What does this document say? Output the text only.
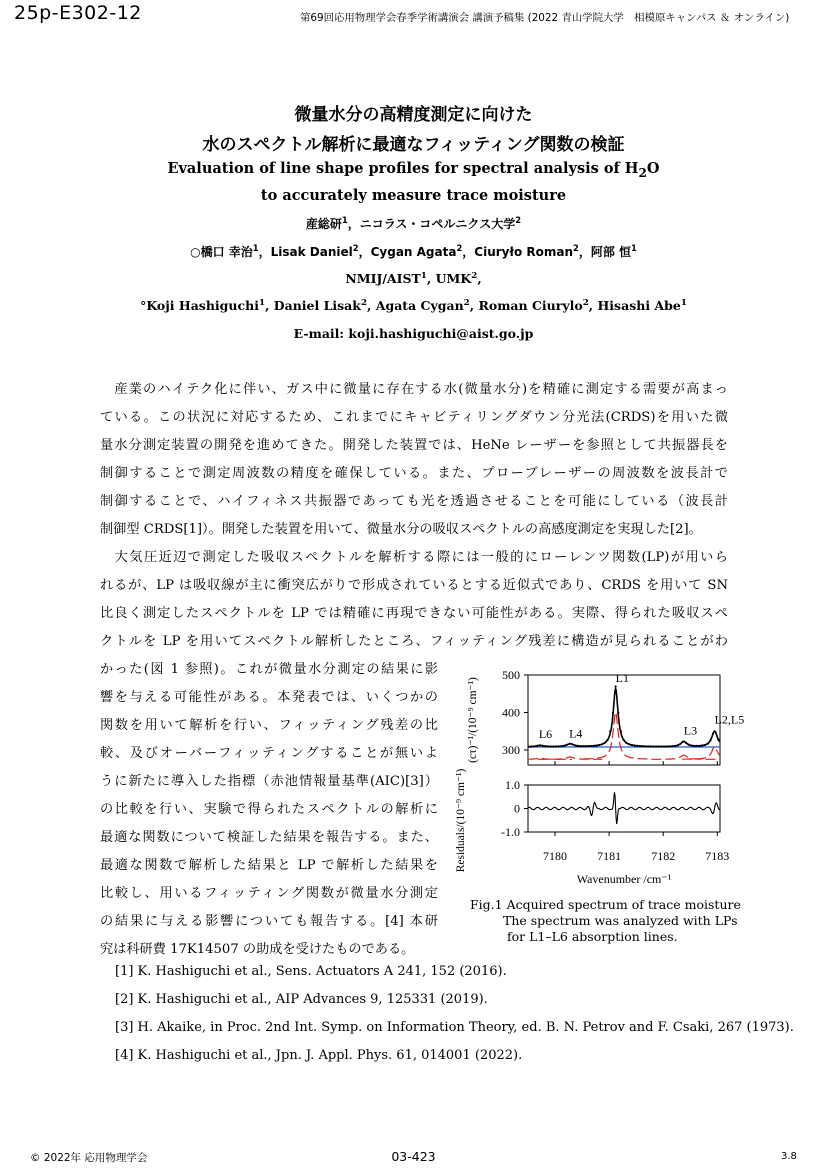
25p-E302-12	第69回応用物理学会春季学術講演会 講演予稿集 (2022 青山学院大学　相模原キャンパス ＆ オンライン)
微量水分の高精度測定に向けた
水のスペクトル解析に最適なフィッティング関数の検証
Evaluation of line shape profiles for spectral analysis of $H_2O$
to accurately measure trace moisture
産総研$^1$，ニコラス・コペルニクス大学$^2$
○橋口 幸治$^1$，Lisak Daniel$^2$，Cygan Agata$^2$，Ciuryło Roman$^2$，阿部 恒$^1$
NMIJ/AIST$^1$, UMK$^2$,
°Koji Hashiguchi$^1$, Daniel Lisak$^2$, Agata Cygan$^2$, Roman Ciurylo$^2$, Hisashi Abe$^1$
E-mail: koji.hashiguchi@aist.go.jp
　産業のハイテク化に伴い、ガス中に微量に存在する水(微量水分)を精確に測定する需要が高まっ
ている。この状況に対応するため、これまでにキャビティリングダウン分光法(CRDS)を用いた微
量水分測定装置の開発を進めてきた。開発した装置では、HeNe レーザーを参照として共振器長を
制御することで測定周波数の精度を確保している。また、プローブレーザーの周波数を波長計で
制御することで、ハイフィネス共振器であっても光を透過させることを可能にしている（波長計
制御型 CRDS[1]）。開発した装置を用いて、微量水分の吸収スペクトルの高感度測定を実現した[2]。
　大気圧近辺で測定した吸収スペクトルを解析する際には一般的にローレンツ関数(LP)が用いら
れるが、LP は吸収線が主に衝突広がりで形成されているとする近似式であり、CRDS を用いて SN
比良く測定したスペクトルを LP では精確に再現できない可能性がある。実際、得られた吸収スペ
クトルを LP を用いてスペクトル解析したところ、フィッティング残差に構造が見られることがわ
かった(図 1 参照)。これが微量水分測定の結果に影
響を与える可能性がある。本発表では、いくつかの
関数を用いて解析を行い、フィッティング残差の比
較、及びオーバーフィッティングすることが無いよ
うに新たに導入した指標（赤池情報量基準(AIC)[3]）
の比較を行い、実験で得られたスペクトルの解析に
最適な関数について検証した結果を報告する。また、
最適な関数で解析した結果と LP で解析した結果を
比較し、用いるフィッティング関数が微量水分測定
の結果に与える影響についても報告する。[4] 本研
究は科研費 17K14507 の助成を受けたものである。
[1] K. Hashiguchi et al., Sens. Actuators A 241, 152 (2016).
[2] K. Hashiguchi et al., AIP Advances 9, 125331 (2019).
[3] H. Akaike, in Proc. 2nd Int. Symp. on Information Theory, ed. B. N. Petrov and F. Csaki, 267 (1973).
[4] K. Hashiguchi et al., Jpn. J. Appl. Phys. 61, 014001 (2022).
L6 L4
L1
L3
L2,L5
300
400
500
1.0
0
-1.0
7180	7181	7182	7183
Wavenumber /cm⁻¹
(cτ)⁻¹/(10⁻⁹ cm⁻¹)
Residuals/(10⁻⁹ cm⁻¹)
Fig.1 Acquired spectrum of trace moisture
The spectrum was analyzed with LPs
for L1–L6 absorption lines.
© 2022年 応用物理学会	03-423	3.8
